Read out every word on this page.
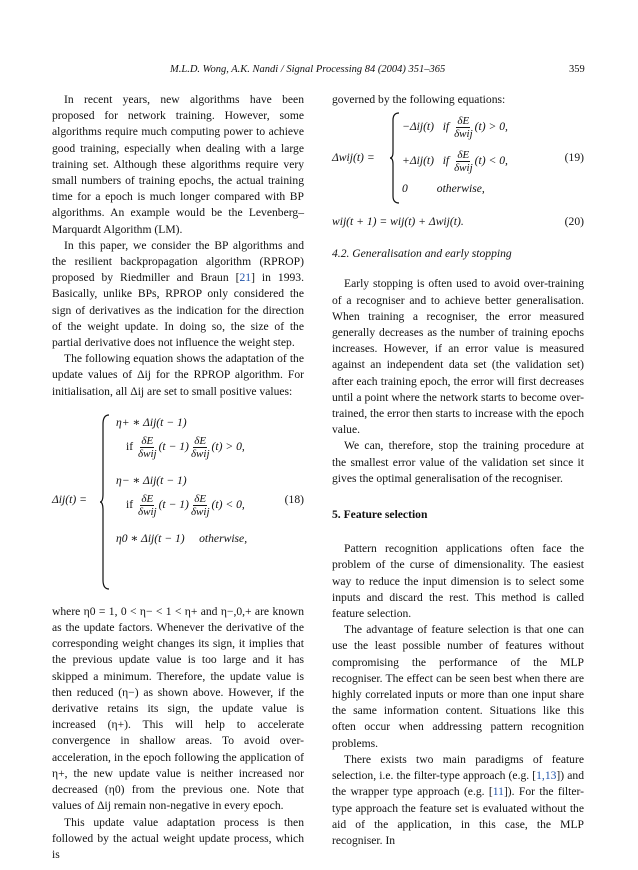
M.L.D. Wong, A.K. Nandi / Signal Processing 84 (2004) 351–365	359

In recent years, new algorithms have been proposed for network training. However, some algorithms require much computing power to achieve good training, especially when dealing with a large training set. Although these algorithms require very small numbers of training epochs, the actual training time for a epoch is much longer compared with BP algorithms. An example would be the Levenberg–Marquardt Algorithm (LM).

In this paper, we consider the BP algorithms and the resilient backpropagation algorithm (RPROP) proposed by Riedmiller and Braun [21] in 1993. Basically, unlike BPs, RPROP only considered the sign of derivatives as the indication for the direction of the weight update. In doing so, the size of the partial derivative does not influence the weight step.

The following equation shows the adaptation of the update values of Δij for the RPROP algorithm. For initialisation, all Δij are set to small positive values:

Δij(t) =
η+ ∗ Δij(t − 1)
if $\frac{\delta E}{\text{δwij}} (t - 1) \frac{\delta E}{\text{δwij}} (t) > 0$,
η− ∗ Δij(t − 1)
if $\frac{\delta E}{\text{δwij}} (t - 1) \frac{\delta E}{\text{δwij}} (t) < 0$,
η0 ∗ Δij(t − 1)     otherwise,
(18)

where η0 = 1, 0 < η− < 1 < η+ and η−,0,+ are known as the update factors. Whenever the derivative of the corresponding weight changes its sign, it implies that the previous update value is too large and it has skipped a minimum. Therefore, the update value is then reduced (η−) as shown above. However, if the derivative retains its sign, the update value is increased (η+). This will help to accelerate convergence in shallow areas. To avoid over-acceleration, in the epoch following the application of η+, the new update value is neither increased nor decreased (η0) from the previous one. Note that values of Δij remain non-negative in every epoch.

This update value adaptation process is then followed by the actual weight update process, which is

governed by the following equations:

Δwij(t) =
−Δij(t)   if $\frac{\delta E}{\text{δwij}} (t) > 0$,
+Δij(t)   if $\frac{\delta E}{\text{δwij}} (t) < 0$,
0          otherwise,
(19)
wij(t + 1) = wij(t) + Δwij(t).	(20)

4.2. Generalisation and early stopping

Early stopping is often used to avoid over-training of a recogniser and to achieve better generalisation. When training a recogniser, the error measured generally decreases as the number of training epochs increases. However, if an error value is measured against an independent data set (the validation set) after each training epoch, the error will first decreases until a point where the network starts to become over-trained, the error then starts to increase with the epoch value.

We can, therefore, stop the training procedure at the smallest error value of the validation set since it gives the optimal generalisation of the recogniser.

5. Feature selection

Pattern recognition applications often face the problem of the curse of dimensionality. The easiest way to reduce the input dimension is to select some inputs and discard the rest. This method is called feature selection.

The advantage of feature selection is that one can use the least possible number of features without compromising the performance of the MLP recogniser. The effect can be seen best when there are highly correlated inputs or more than one input share the same information content. Situations like this often occur when addressing pattern recognition problems.

There exists two main paradigms of feature selection, i.e. the filter-type approach (e.g. [1,13]) and the wrapper type approach (e.g. [11]). For the filter-type approach the feature set is evaluated without the aid of the application, in this case, the MLP recogniser. In
